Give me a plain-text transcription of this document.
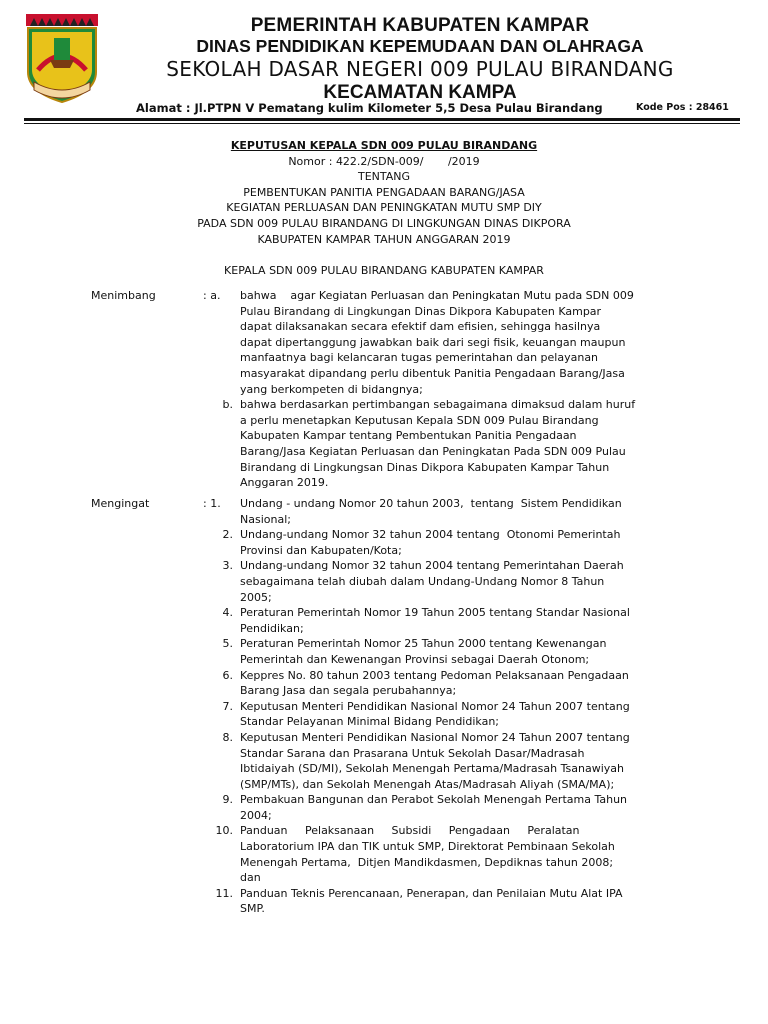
PEMERINTAH KABUPATEN KAMPAR
DINAS PENDIDIKAN KEPEMUDAAN DAN OLAHRAGA
SEKOLAH DASAR NEGERI 009 PULAU BIRANDANG
KECAMATAN KAMPA
Alamat : Jl.PTPN V Pematang kulim Kilometer 5,5 Desa Pulau Birandang	Kode Pos : 28461
KEPUTUSAN KEPALA SDN 009 PULAU BIRANDANG
Nomor : 422.2/SDN-009/       /2019
TENTANG
PEMBENTUKAN PANITIA PENGADAAN BARANG/JASA
KEGIATAN PERLUASAN DAN PENINGKATAN MUTU SMP DIY
PADA SDN 009 PULAU BIRANDANG DI LINGKUNGAN DINAS DIKPORA
KABUPATEN KAMPAR TAHUN ANGGARAN 2019
KEPALA SDN 009 PULAU BIRANDANG KABUPATEN KAMPAR
Menimbang	: a. bahwa    agar Kegiatan Perluasan dan Peningkatan Mutu pada SDN 009
Pulau Birandang di Lingkungan Dinas Dikpora Kabupaten Kampar
dapat dilaksanakan secara efektif dam efisien, sehingga hasilnya
dapat dipertanggung jawabkan baik dari segi fisik, keuangan maupun
manfaatnya bagi kelancaran tugas pemerintahan dan pelayanan
masyarakat dipandang perlu dibentuk Panitia Pengadaan Barang/Jasa
yang berkompeten di bidangnya;
b. bahwa berdasarkan pertimbangan sebagaimana dimaksud dalam huruf
a perlu menetapkan Keputusan Kepala SDN 009 Pulau Birandang
Kabupaten Kampar tentang Pembentukan Panitia Pengadaan
Barang/Jasa Kegiatan Perluasan dan Peningkatan Pada SDN 009 Pulau
Birandang di Lingkungsan Dinas Dikpora Kabupaten Kampar Tahun
Anggaran 2019.
Mengingat	: 1. Undang - undang Nomor 20 tahun 2003,  tentang  Sistem Pendidikan
Nasional;
2. Undang-undang Nomor 32 tahun 2004 tentang  Otonomi Pemerintah
Provinsi dan Kabupaten/Kota;
3. Undang-undang Nomor 32 tahun 2004 tentang Pemerintahan Daerah
sebagaimana telah diubah dalam Undang-Undang Nomor 8 Tahun
2005;
4. Peraturan Pemerintah Nomor 19 Tahun 2005 tentang Standar Nasional
Pendidikan;
5. Peraturan Pemerintah Nomor 25 Tahun 2000 tentang Kewenangan
Pemerintah dan Kewenangan Provinsi sebagai Daerah Otonom;
6. Keppres No. 80 tahun 2003 tentang Pedoman Pelaksanaan Pengadaan
Barang Jasa dan segala perubahannya;
7. Keputusan Menteri Pendidikan Nasional Nomor 24 Tahun 2007 tentang
Standar Pelayanan Minimal Bidang Pendidikan;
8. Keputusan Menteri Pendidikan Nasional Nomor 24 Tahun 2007 tentang
Standar Sarana dan Prasarana Untuk Sekolah Dasar/Madrasah
Ibtidaiyah (SD/MI), Sekolah Menengah Pertama/Madrasah Tsanawiyah
(SMP/MTs), dan Sekolah Menengah Atas/Madrasah Aliyah (SMA/MA);
9. Pembakuan Bangunan dan Perabot Sekolah Menengah Pertama Tahun
2004;
10. Panduan     Pelaksanaan     Subsidi     Pengadaan     Peralatan
Laboratorium IPA dan TIK untuk SMP, Direktorat Pembinaan Sekolah
Menengah Pertama,  Ditjen Mandikdasmen, Depdiknas tahun 2008;
dan
11. Panduan Teknis Perencanaan, Penerapan, dan Penilaian Mutu Alat IPA
SMP.
